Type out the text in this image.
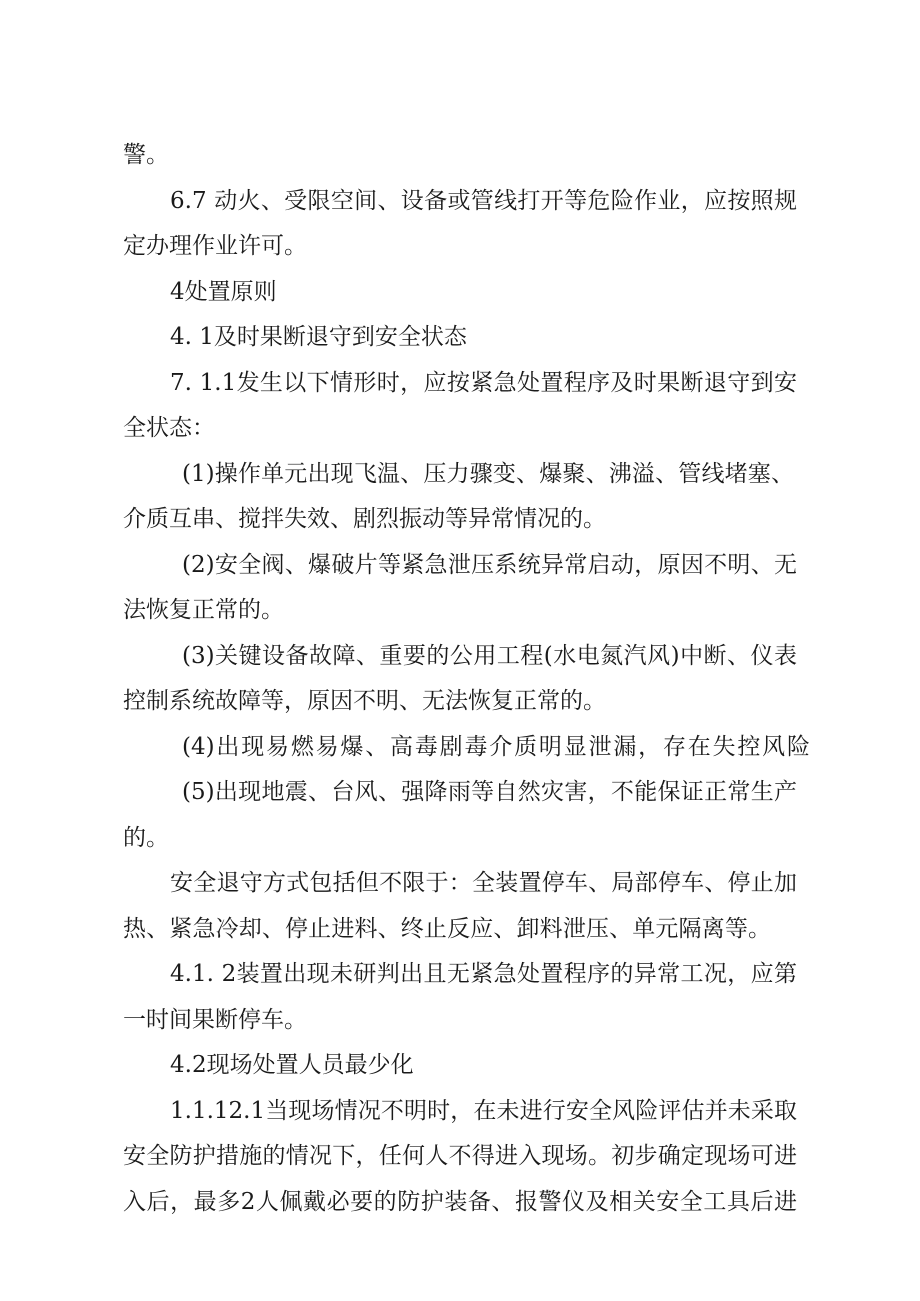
警。

6.7 动火、受限空间、设备或管线打开等危险作业，应按照规

定办理作业许可。

4处置原则

4. 1及时果断退守到安全状态

7. 1.1发生以下情形时，应按紧急处置程序及时果断退守到安

全状态：

(1)操作单元出现飞温、压力骤变、爆聚、沸溢、管线堵塞、

介质互串、搅拌失效、剧烈振动等异常情况的。

(2)安全阀、爆破片等紧急泄压系统异常启动，原因不明、无

法恢复正常的。

(3)关键设备故障、重要的公用工程(水电氮汽风)中断、仪表

控制系统故障等，原因不明、无法恢复正常的。

(4)出现易燃易爆、高毒剧毒介质明显泄漏，存在失控风险

(5)出现地震、台风、强降雨等自然灾害，不能保证正常生产

的。

安全退守方式包括但不限于：全装置停车、局部停车、停止加

热、紧急冷却、停止进料、终止反应、卸料泄压、单元隔离等。

4.1. 2装置出现未研判出且无紧急处置程序的异常工况，应第

一时间果断停车。

4.2现场处置人员最少化

1.1.12.1当现场情况不明时，在未进行安全风险评估并未采取

安全防护措施的情况下，任何人不得进入现场。初步确定现场可进

入后，最多2人佩戴必要的防护装备、报警仪及相关安全工具后进
